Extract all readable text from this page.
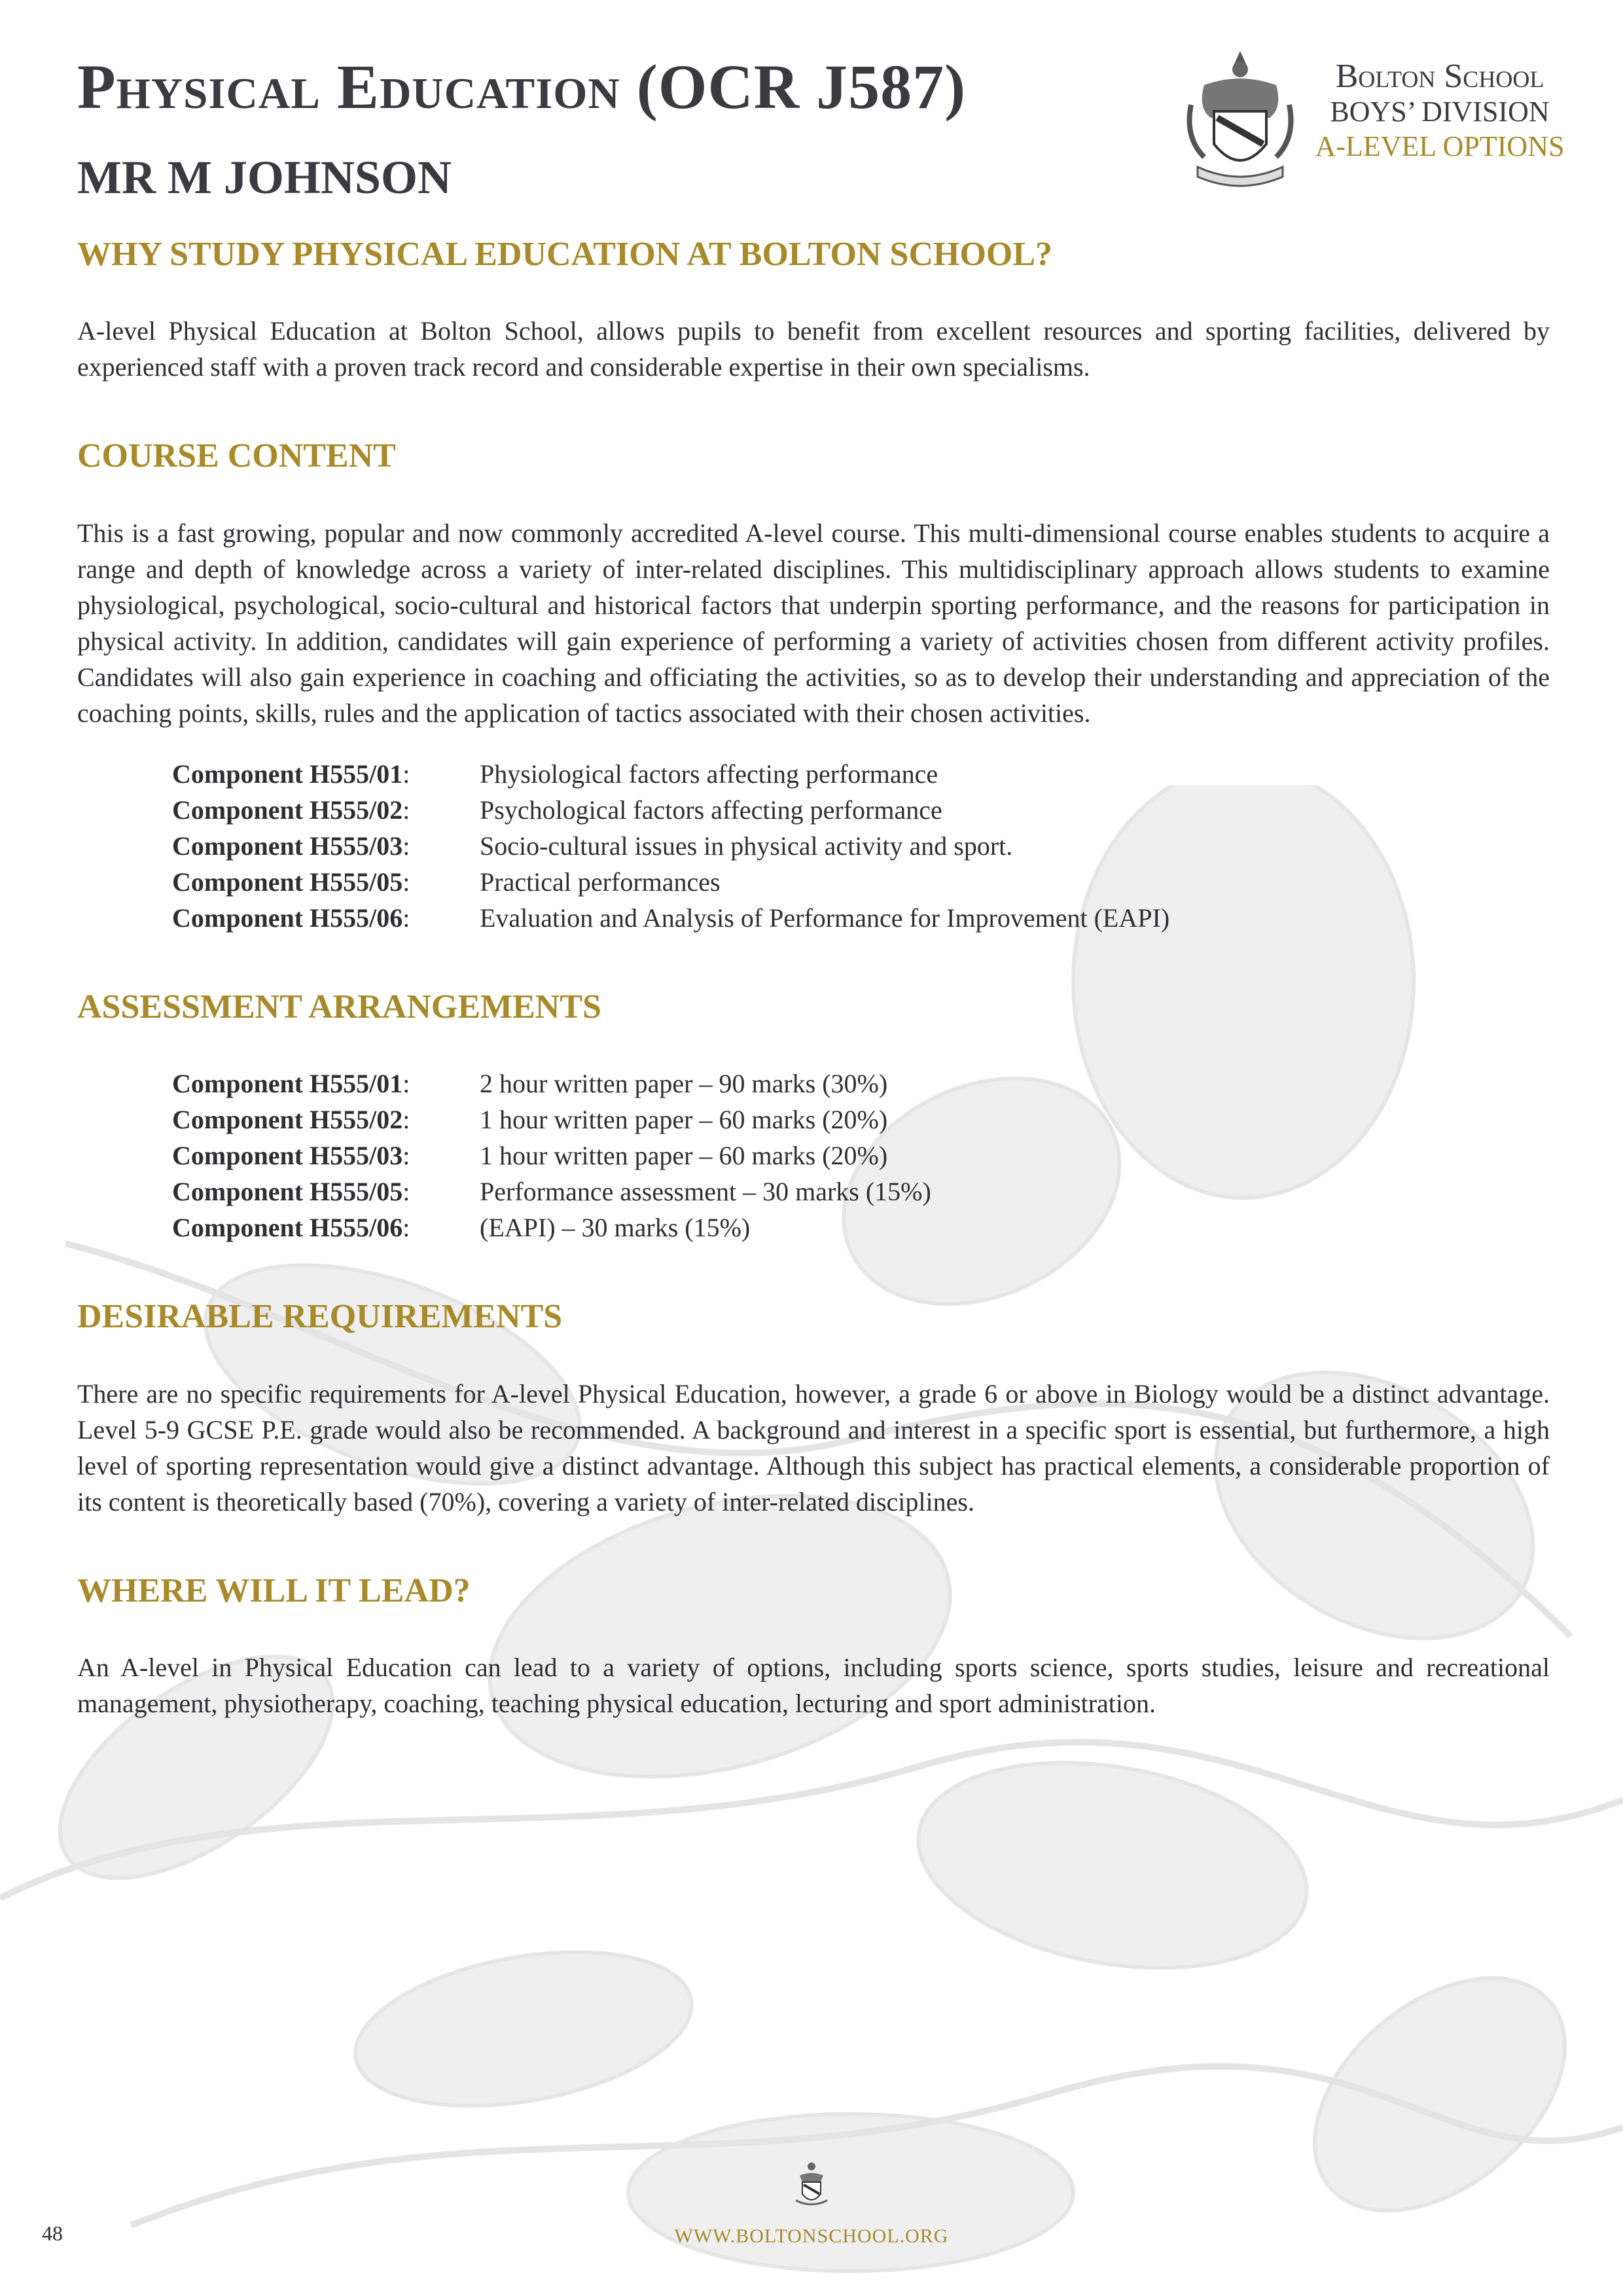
Physical Education (OCR J587)
MR M JOHNSON
Bolton School
BOYS’ DIVISION
A-LEVEL OPTIONS
WHY STUDY PHYSICAL EDUCATION AT BOLTON SCHOOL?

A-level Physical Education at Bolton School, allows pupils to benefit from excellent resources and sporting facilities, delivered by experienced staff with a proven track record and considerable expertise in their own specialisms.

COURSE CONTENT

This is a fast growing, popular and now commonly accredited A-level course. This multi-dimensional course enables students to acquire a range and depth of knowledge across a variety of inter-related disciplines. This multidisciplinary approach allows students to examine physiological, psychological, socio-cultural and historical factors that underpin sporting performance, and the reasons for participation in physical activity. In addition, candidates will gain experience of performing a variety of activities chosen from different activity profiles. Candidates will also gain experience in coaching and officiating the activities, so as to develop their understanding and appreciation of the coaching points, skills, rules and the application of tactics associated with their chosen activities.

Component H555/01:	Physiological factors affecting performance
Component H555/02:	Psychological factors affecting performance
Component H555/03:	Socio-cultural issues in physical activity and sport.
Component H555/05:	Practical performances
Component H555/06:	Evaluation and Analysis of Performance for Improvement (EAPI)
ASSESSMENT ARRANGEMENTS
Component H555/01:	2 hour written paper – 90 marks (30%)
Component H555/02:	1 hour written paper – 60 marks (20%)
Component H555/03:	1 hour written paper – 60 marks (20%)
Component H555/05:	Performance assessment – 30 marks (15%)
Component H555/06:	(EAPI) – 30 marks (15%)
DESIRABLE REQUIREMENTS

There are no specific requirements for A-level Physical Education, however, a grade 6 or above in Biology would be a distinct advantage. Level 5-9 GCSE P.E. grade would also be recommended. A background and interest in a specific sport is essential, but furthermore, a high level of sporting representation would give a distinct advantage. Although this subject has practical elements, a considerable proportion of its content is theoretically based (70%), covering a variety of inter-related disciplines.

WHERE WILL IT LEAD?

An A-level in Physical Education can lead to a variety of options, including sports science, sports studies, leisure and recreational management, physiotherapy, coaching, teaching physical education, lecturing and sport administration.

WWW.BOLTONSCHOOL.ORG
48
